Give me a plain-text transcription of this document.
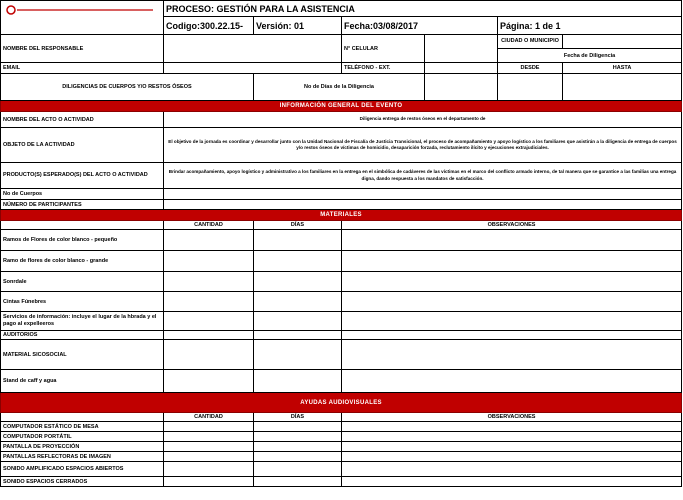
	PROCESO: GESTIÓN PARA LA ASISTENCIA					
	Codigo:300.22.15-	Versión: 01	Fecha:03/08/2017		Página: 1 de 1	
NOMBRE DEL RESPONSABLE			N° CELULAR		CIUDAD O MUNICIPIO	
					Fecha de Diligencia	
EMAIL			TELÉFONO - EXT.		DESDE	HASTA
DILIGENCIAS DE CUERPOS Y/O RESTOS ÓSEOS		No de Días de la Diligencia				
INFORMACIÓN GENERAL DEL EVENTO						
NOMBRE DEL ACTO O ACTIVIDAD	Diligencia entrega de restos óseos en el departamento de					
OBJETO DE LA ACTIVIDAD	El objetivo de la jornada es coordinar y desarrollar junto con la Unidad Nacional de Fiscalía de Justicia Transicional, el proceso de acompañamiento y apoyo logístico a los familiares que asistirán a la diligencia de entrega de cuerpos y/o restos óseos de víctimas de homicidio, desaparición forzada, reclutamiento ilícito y ejecuciones extrajudiciales.					
PRODUCTO(S) ESPERADO(S) DEL ACTO O ACTIVIDAD	Brindar acompañamiento, apoyo logístico y administrativo a los familiares en la entrega en el simbólica de cadáveres de las víctimas en el marco del conflicto armado interno, de tal manera que se garantice a las familias una entrega digna, dando respuesta a los mandatos de satisfacción.					
No de Cuerpos						
NÚMERO DE PARTICIPANTES						
MATERIALES						
	CANTIDAD	DÍAS	OBSERVACIONES			
Ramos de Flores de color blanco - pequeño						
Ramo de flores de color blanco - grande						
Sonrdale						
Cintas Fúnebres						
Servicios de información: incluye el lugar de la hbrada y el pago al expelleeros						
AUDITORIOS						
MATERIAL SICOSOCIAL						
Stand de caff y agua						
AYUDAS AUDIOVISUALES						
	CANTIDAD	DÍAS	OBSERVACIONES			
COMPUTADOR ESTÁTICO DE MESA						
COMPUTADOR PORTÁTIL						
PANTALLA DE PROYECCIÓN						
PANTALLAS REFLECTORAS DE IMAGEN						
SONIDO AMPLIFICADO ESPACIOS ABIERTOS						
SONIDO ESPACIOS CERRADOS						
